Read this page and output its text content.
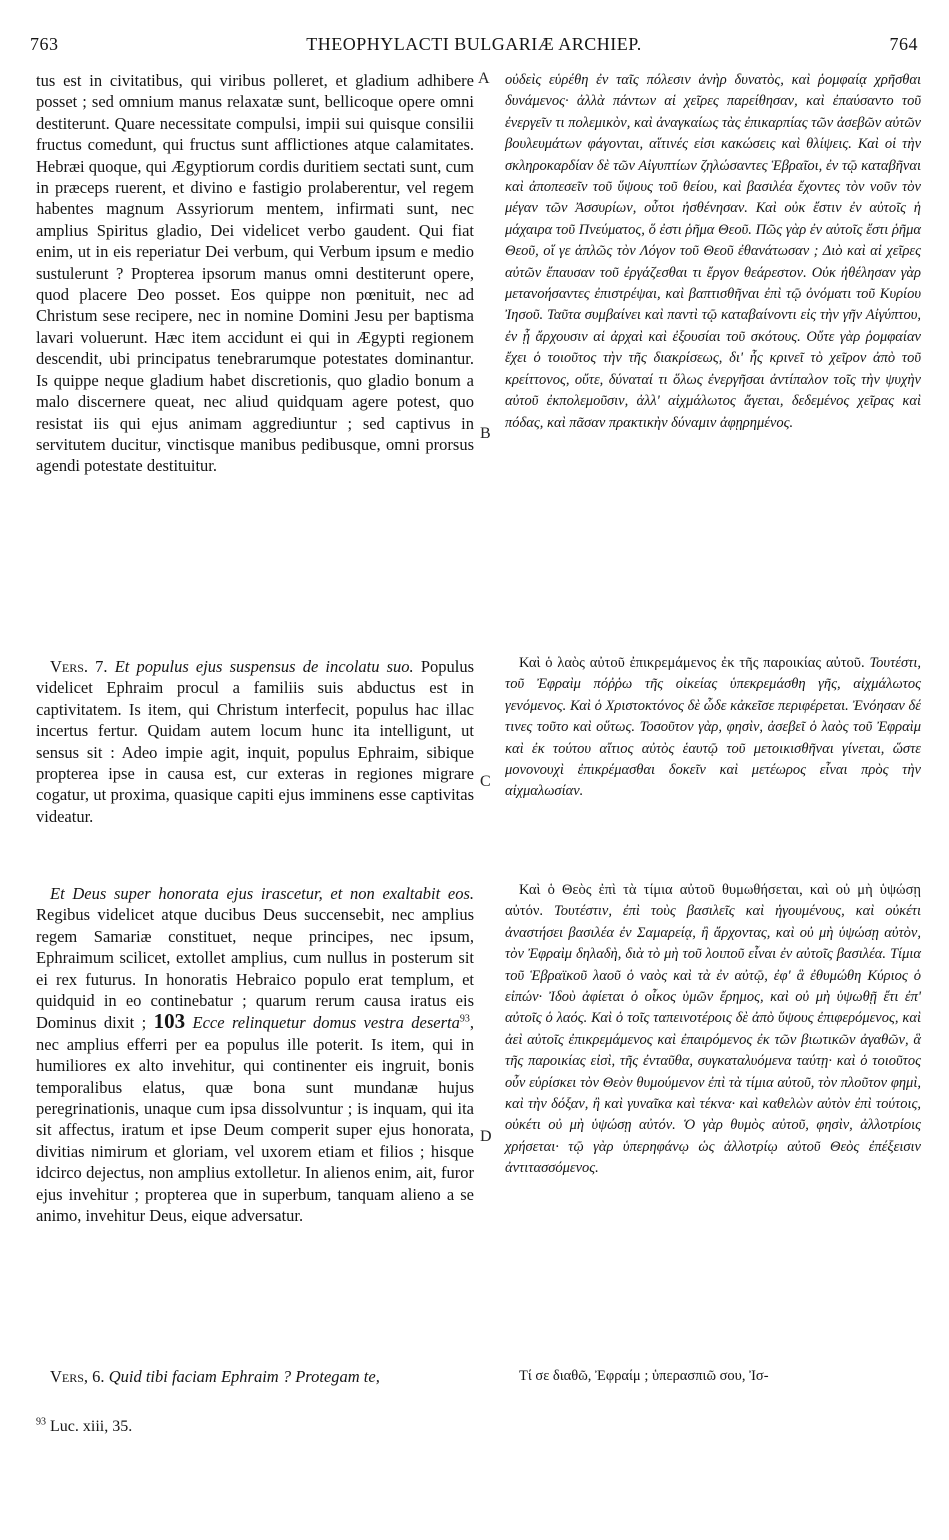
763	THEOPHYLACTI BULGARIÆ ARCHIEP.	764

tus est in civitatibus, qui viribus polleret, et gladium adhibere posset ; sed omnium manus relaxatæ sunt, bellicoque opere omni destiterunt. Quare necessitate compulsi, impii sui quisque consilii fructus comedunt, qui fructus sunt afflictiones atque calamitates. Hebræi quoque, qui Ægyptiorum cordis duritiem sectati sunt, cum in præceps ruerent, et divino e fastigio prolaberentur, vel regem habentes magnum Assyriorum mentem, infirmati sunt, nec amplius Spiritus gladio, Dei videlicet verbo gaudent. Qui fiat enim, ut in eis reperiatur Dei verbum, qui Verbum ipsum e medio sustulerunt ? Propterea ipsorum manus omni destiterunt opere, quod placere Deo posset. Eos quippe non pœnituit, nec ad Christum sese recipere, nec in nomine Domini Jesu per baptisma lavari voluerunt. Hæc item accidunt ei qui in Ægypti regionem descendit, ubi principatus tenebrarumque potestates dominantur. Is quippe neque gladium habet discretionis, quo gladio bonum a malo discernere queat, nec aliud quidquam agere potest, quo resistat iis qui ejus animam aggrediuntur ; sed captivus in servitutem ducitur, vinctisque manibus pedibusque, omni prorsus agendi potestate destituitur.

Vers. 7. Et populus ejus suspensus de incolatu suo. Populus videlicet Ephraim procul a familiis suis abductus est in captivitatem. Is item, qui Christum interfecit, populus hac illac incertus fertur. Quidam autem locum hunc ita intelligunt, ut sensus sit : Adeo impie agit, inquit, populus Ephraim, sibique propterea ipse in causa est, cur exteras in regiones migrare cogatur, ut proxima, quasique capiti ejus imminens esse captivitas videatur.

Et Deus super honorata ejus irascetur, et non exaltabit eos. Regibus videlicet atque ducibus Deus succensebit, nec amplius regem Samariæ constituet, neque principes, nec ipsum, Ephraimum scilicet, extollet amplius, cum nullus in posterum sit ei rex futurus. In honoratis Hebraico populo erat templum, et quidquid in eo continebatur ; quarum rerum causa iratus eis Dominus dixit ; 103 Ecce relinquetur domus vestra deserta$^{93}$, nec amplius efferri per ea populus ille poterit. Is item, qui in humiliores ex alto invehitur, qui continenter eis ingruit, bonis temporalibus elatus, quæ bona sunt mundanæ hujus peregrinationis, unaque cum ipsa dissolvuntur ; is inquam, qui ita sit affectus, iratum et ipse Deum comperit super ejus honorata, divitias nimirum et gloriam, vel uxorem etiam et filios ; hisque idcirco dejectus, non amplius extolletur. In alienos enim, ait, furor ejus invehitur ; propterea que in superbum, tanquam alieno a se animo, invehitur Deus, eique adversatur.

Vers, 6. Quid tibi faciam Ephraim ? Protegam te,

οὐδεὶς εὑρέθη ἐν ταῖς πόλεσιν ἀνὴρ δυνατὸς, καὶ ῥομφαίᾳ χρῆσθαι δυνάμενος· ἀλλὰ πάντων αἱ χεῖρες παρείθησαν, καὶ ἐπαύσαντο τοῦ ἐνεργεῖν τι πολεμικὸν, καὶ ἀναγκαίως τὰς ἐπικαρπίας τῶν ἀσεβῶν αὐτῶν βουλευμάτων φάγονται, αἵτινές εἰσι κακώσεις καὶ θλίψεις. Καὶ οἱ τὴν σκληροκαρδίαν δὲ τῶν Αἰγυπτίων ζηλώσαντες Ἑβραῖοι, ἐν τῷ καταβῆναι καὶ ἀποπεσεῖν τοῦ ὕψους τοῦ θείου, καὶ βασιλέα ἔχοντες τὸν νοῦν τὸν μέγαν τῶν Ἀσσυρίων, οὗτοι ἠσθένησαν. Καὶ οὐκ ἔστιν ἐν αὐτοῖς ἡ μάχαιρα τοῦ Πνεύματος, ὅ ἐστι ῥῆμα Θεοῦ. Πῶς γὰρ ἐν αὐτοῖς ἔστι ῥῆμα Θεοῦ, οἵ γε ἁπλῶς τὸν Λόγον τοῦ Θεοῦ ἐθανάτωσαν ; Διὸ καὶ αἱ χεῖρες αὐτῶν ἔπαυσαν τοῦ ἐργάζεσθαι τι ἔργον θεάρεστον. Οὐκ ἠθέλησαν γὰρ μετανοήσαντες ἐπιστρέψαι, καὶ βαπτισθῆναι ἐπὶ τῷ ὀνόματι τοῦ Κυρίου Ἰησοῦ. Ταῦτα συμβαίνει καὶ παντὶ τῷ καταβαίνοντι εἰς τὴν γῆν Αἰγύπτου, ἐν ᾗ ἄρχουσιν αἱ ἀρχαὶ καὶ ἐξουσίαι τοῦ σκότους. Οὔτε γὰρ ῥομφαίαν ἔχει ὁ τοιοῦτος τὴν τῆς διακρίσεως, δι' ἧς κρινεῖ τὸ χεῖρον ἀπὸ τοῦ κρείττονος, οὔτε, δύναταί τι ὅλως ἐνεργῆσαι ἀντίπαλον τοῖς τὴν ψυχὴν αὐτοῦ ἐκπολεμοῦσιν, ἀλλ' αἰχμάλωτος ἄγεται, δεδεμένος χεῖρας καὶ πόδας, καὶ πᾶσαν πρακτικὴν δύναμιν ἀφῃρημένος.

Καὶ ὁ λαὸς αὐτοῦ ἐπικρεμάμενος ἐκ τῆς παροικίας αὐτοῦ. Τουτέστι, τοῦ Ἐφραὶμ πόῤῥω τῆς οἰκείας ὑπεκρεμάσθη γῆς, αἰχμάλωτος γενόμενος. Καὶ ὁ Χριστοκτόνος δὲ ὧδε κἀκεῖσε περιφέρεται. Ἐνόησαν δέ τινες τοῦτο καὶ οὕτως. Τοσοῦτον γὰρ, φησὶν, ἀσεβεῖ ὁ λαὸς τοῦ Ἐφραὶμ καὶ ἐκ τούτου αἴτιος αὐτὸς ἑαυτῷ τοῦ μετοικισθῆναι γίνεται, ὥστε μονονουχὶ ἐπικρέμασθαι δοκεῖν καὶ μετέωρος εἶναι πρὸς τὴν αἰχμαλωσίαν.

Καὶ ὁ Θεὸς ἐπὶ τὰ τίμια αὐτοῦ θυμωθήσεται, καὶ οὐ μὴ ὑψώσῃ αὐτόν. Τουτέστιν, ἐπὶ τοὺς βασιλεῖς καὶ ἡγουμένους, καὶ οὐκέτι ἀναστήσει βασιλέα ἐν Σαμαρείᾳ, ἢ ἄρχοντας, καὶ οὐ μὴ ὑψώσῃ αὐτὸν, τὸν Ἐφραὶμ δηλαδὴ, διὰ τὸ μὴ τοῦ λοιποῦ εἶναι ἐν αὐτοῖς βασιλέα. Τίμια τοῦ Ἑβραϊκοῦ λαοῦ ὁ ναὸς καὶ τὰ ἐν αὐτῷ, ἐφ' ἃ ἐθυμώθη Κύριος ὁ εἰπών· Ἰδοὺ ἀφίεται ὁ οἶκος ὑμῶν ἔρημος, καὶ οὐ μὴ ὑψωθῇ ἔτι ἐπ' αὐτοῖς ὁ λαός. Καὶ ὁ τοῖς ταπεινοτέροις δὲ ἀπὸ ὕψους ἐπιφερόμενος, καὶ ἀεὶ αὐτοῖς ἐπικρεμάμενος καὶ ἐπαιρόμενος ἐκ τῶν βιωτικῶν ἀγαθῶν, ἃ τῆς παροικίας εἰσὶ, τῆς ἐνταῦθα, συγκαταλυόμενα ταύτῃ· καὶ ὁ τοιοῦτος οὖν εὑρίσκει τὸν Θεὸν θυμούμενον ἐπὶ τὰ τίμια αὐτοῦ, τὸν πλοῦτον φημὶ, καὶ τὴν δόξαν, ἢ καὶ γυναῖκα καὶ τέκνα· καὶ καθελὼν αὐτὸν ἐπὶ τούτοις, οὐκέτι οὐ μὴ ὑψώσῃ αὐτόν. Ὁ γὰρ θυμὸς αὐτοῦ, φησὶν, ἀλλοτρίοις χρήσεται· τῷ γὰρ ὑπερηφάνῳ ὡς ἀλλοτρίῳ αὐτοῦ Θεὸς ἐπέξεισιν ἀντιτασσόμενος.

Τί σε διαθῶ, Ἐφραίμ ; ὑπερασπιῶ σου, Ἰσ-

A
B
C
D
$^{93}$ Luc. xiii, 35.
